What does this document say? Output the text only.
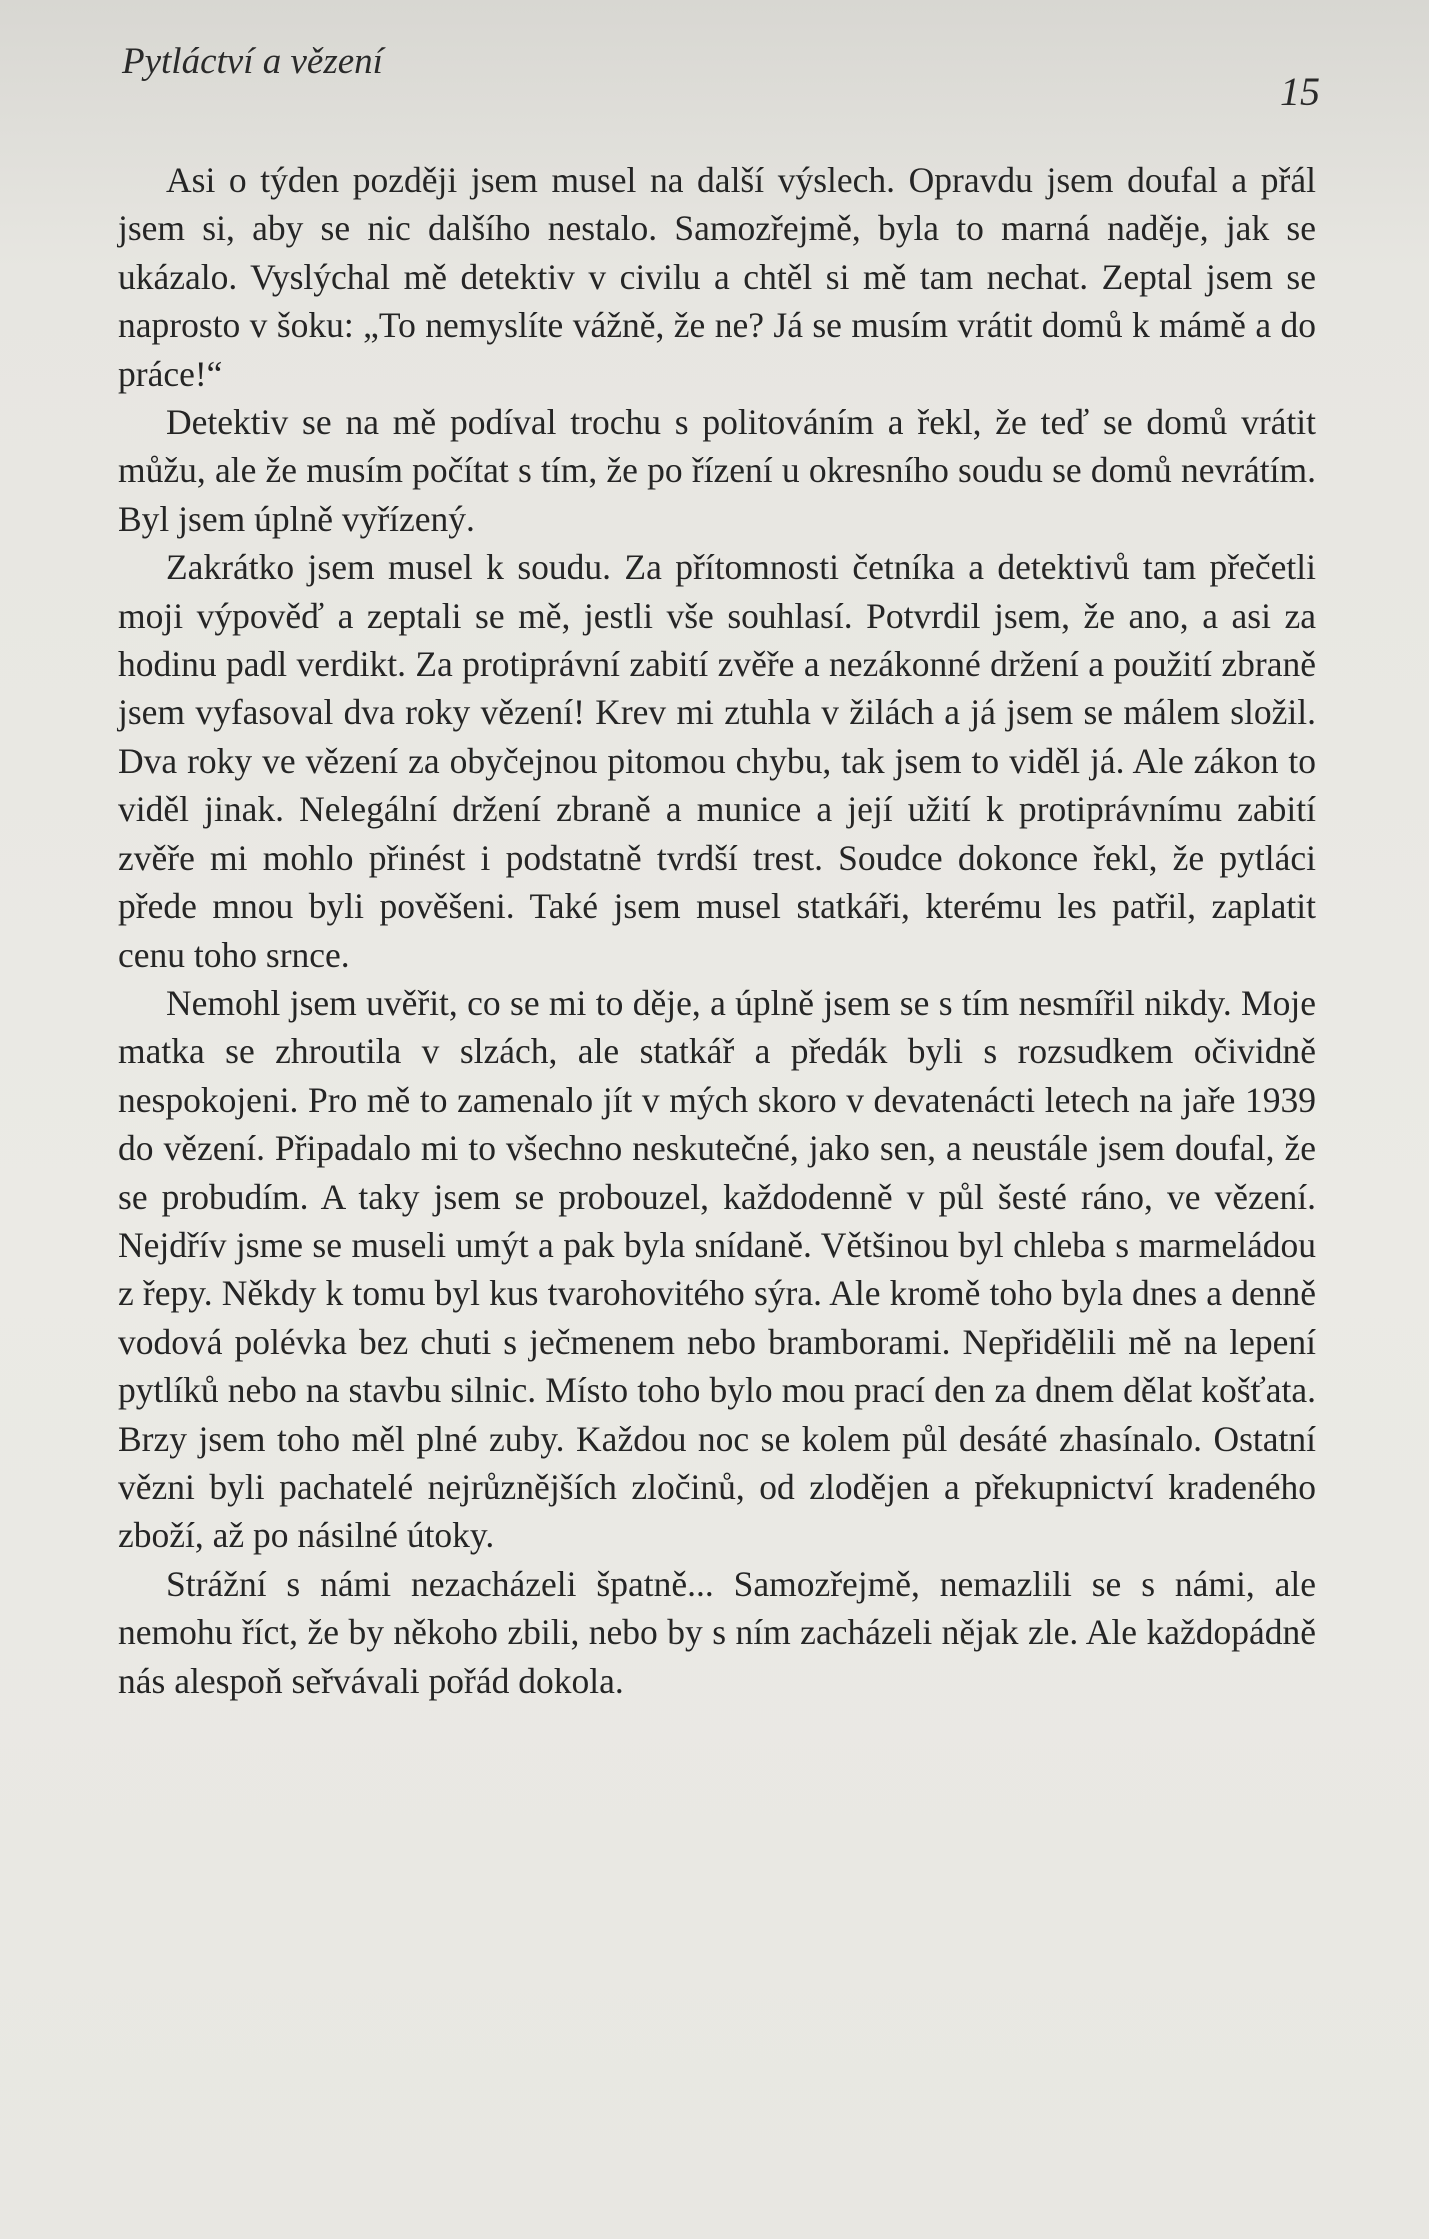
Pytláctví a vězení
15

Asi o týden později jsem musel na další výslech. Opravdu jsem doufal a přál jsem si, aby se nic dalšího nestalo. Samozřejmě, byla to marná naděje, jak se ukázalo. Vyslýchal mě detektiv v civilu a chtěl si mě tam nechat. Zeptal jsem se naprosto v šoku: „To nemyslíte vážně, že ne? Já se musím vrátit domů k mámě a do práce!“

Detektiv se na mě podíval trochu s politováním a řekl, že teď se domů vrátit můžu, ale že musím počítat s tím, že po řízení u okresního soudu se domů nevrátím. Byl jsem úplně vyřízený.

Zakrátko jsem musel k soudu. Za přítomnosti četníka a detektivů tam přečetli moji výpověď a zeptali se mě, jestli vše souhlasí. Potvrdil jsem, že ano, a asi za hodinu padl verdikt. Za protiprávní zabití zvěře a nezákonné držení a použití zbraně jsem vyfasoval dva roky vězení! Krev mi ztuhla v žilách a já jsem se málem složil. Dva roky ve vězení za obyčejnou pitomou chybu, tak jsem to viděl já. Ale zákon to viděl jinak. Nelegální držení zbraně a munice a její užití k protiprávnímu zabití zvěře mi mohlo přinést i podstatně tvrdší trest. Soudce dokonce řekl, že pytláci přede mnou byli pověšeni. Také jsem musel statkáři, kterému les patřil, zaplatit cenu toho srnce.

Nemohl jsem uvěřit, co se mi to děje, a úplně jsem se s tím nesmířil nikdy. Moje matka se zhroutila v slzách, ale statkář a předák byli s rozsudkem očividně nespokojeni. Pro mě to zamenalo jít v mých skoro v devatenácti letech na jaře 1939 do vězení. Připadalo mi to všechno neskutečné, jako sen, a neustále jsem doufal, že se probudím. A taky jsem se probouzel, každodenně v půl šesté ráno, ve vězení. Nejdřív jsme se museli umýt a pak byla snídaně. Většinou byl chleba s marmeládou z řepy. Někdy k tomu byl kus tvarohovitého sýra. Ale kromě toho byla dnes a denně vodová polévka bez chuti s ječmenem nebo bramborami. Nepřidělili mě na lepení pytlíků nebo na stavbu silnic. Místo toho bylo mou prací den za dnem dělat košťata. Brzy jsem toho měl plné zuby. Každou noc se kolem půl desáté zhasínalo. Ostatní vězni byli pachatelé nejrůznějších zločinů, od zlodějen a překupnictví kradeného zboží, až po násilné útoky.

Strážní s námi nezacházeli špatně... Samozřejmě, nemazlili se s námi, ale nemohu říct, že by někoho zbili, nebo by s ním zacházeli nějak zle. Ale každopádně nás alespoň seřvávali pořád dokola.
